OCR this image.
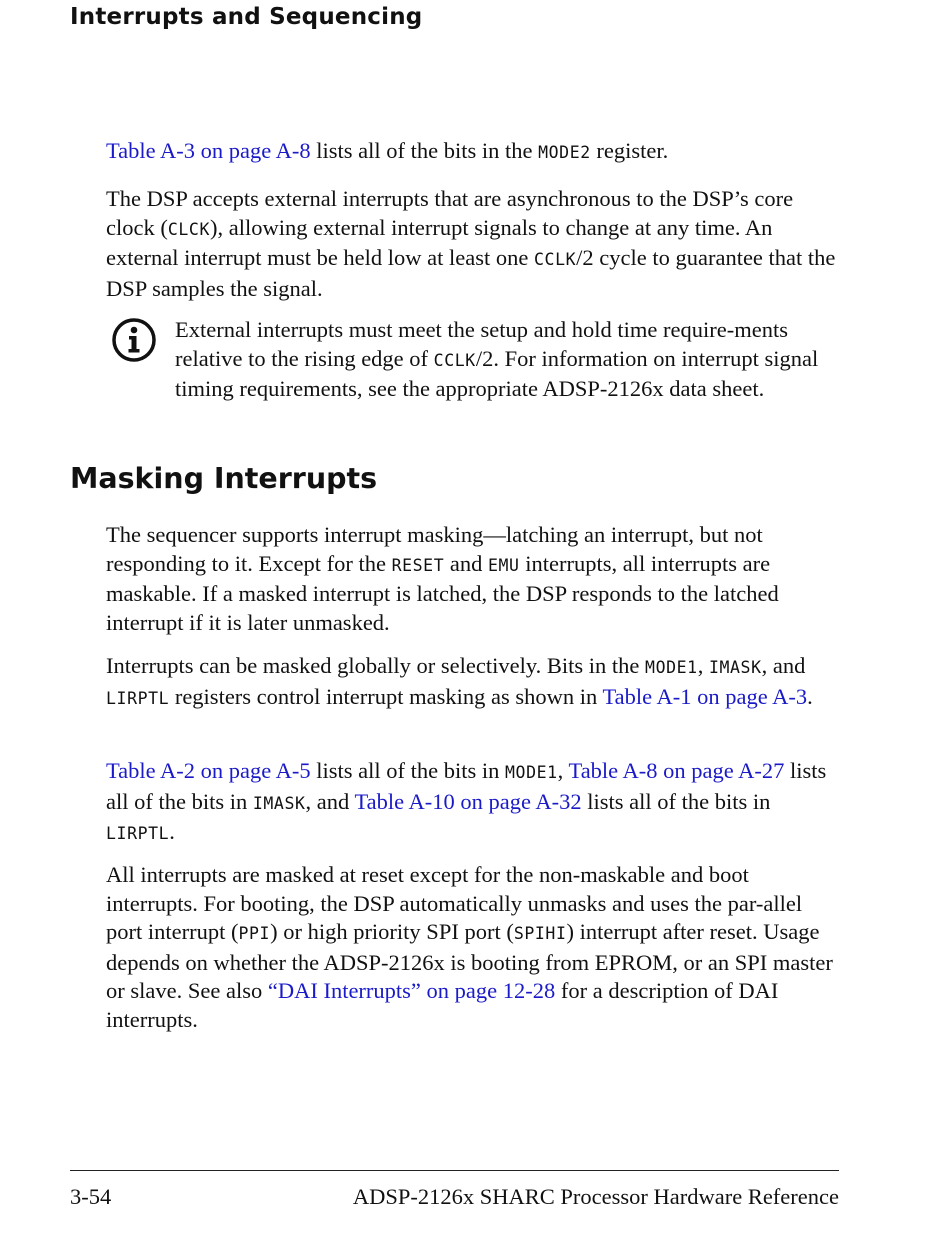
Interrupts and Sequencing

Table A-3 on page A-8 lists all of the bits in the MODE2 register.

The DSP accepts external interrupts that are asynchronous to the DSP’s core clock (CLCK), allowing external interrupt signals to change at any time. An external interrupt must be held low at least one CCLK/2 cycle to guarantee that the DSP samples the signal.

External interrupts must meet the setup and hold time require-ments relative to the rising edge of CCLK/2. For information on interrupt signal timing requirements, see the appropriate ADSP-2126x data sheet.

Masking Interrupts

The sequencer supports interrupt masking—latching an interrupt, but not responding to it. Except for the RESET and EMU interrupts, all interrupts are maskable. If a masked interrupt is latched, the DSP responds to the latched interrupt if it is later unmasked.

Interrupts can be masked globally or selectively. Bits in the MODE1, IMASK, and LIRPTL registers control interrupt masking as shown in Table A-1 on page A-3.

Table A-2 on page A-5 lists all of the bits in MODE1, Table A-8 on page A-27 lists all of the bits in IMASK, and Table A-10 on page A-32 lists all of the bits in LIRPTL.

All interrupts are masked at reset except for the non-maskable and boot interrupts. For booting, the DSP automatically unmasks and uses the par-allel port interrupt (PPI) or high priority SPI port (SPIHI) interrupt after reset. Usage depends on whether the ADSP-2126x is booting from EPROM, or an SPI master or slave. See also “DAI Interrupts” on page 12-28 for a description of DAI interrupts.

3-54	ADSP-2126x SHARC Processor Hardware Reference
